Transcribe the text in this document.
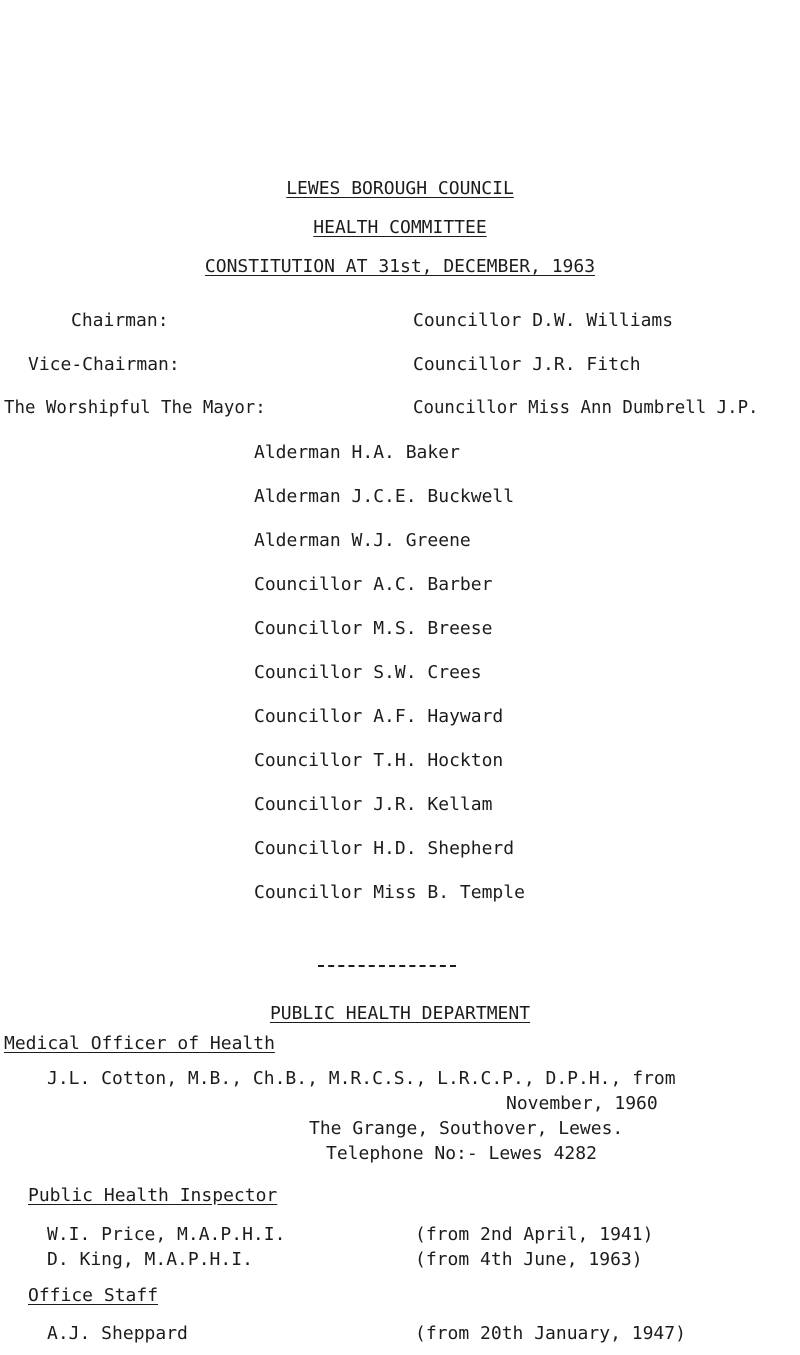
LEWES BOROUGH COUNCIL
HEALTH COMMITTEE
CONSTITUTION AT 31st, DECEMBER, 1963
Chairman:	Councillor D.W. Williams
Vice-Chairman:	Councillor J.R. Fitch
The Worshipful The Mayor:	Councillor Miss Ann Dumbrell J.P.
Alderman H.A. Baker
Alderman J.C.E. Buckwell
Alderman W.J. Greene
Councillor A.C. Barber
Councillor M.S. Breese
Councillor S.W. Crees
Councillor A.F. Hayward
Councillor T.H. Hockton
Councillor J.R. Kellam
Councillor H.D. Shepherd
Councillor Miss B. Temple
PUBLIC HEALTH DEPARTMENT
Medical Officer of Health
J.L. Cotton, M.B., Ch.B., M.R.C.S., L.R.C.P., D.P.H., from
November, 1960
The Grange, Southover, Lewes.
Telephone No:- Lewes 4282
Public Health Inspector
W.I. Price, M.A.P.H.I.	(from 2nd April, 1941)
D. King, M.A.P.H.I.	(from 4th June, 1963)
Office Staff
A.J. Sheppard	(from 20th January, 1947)
